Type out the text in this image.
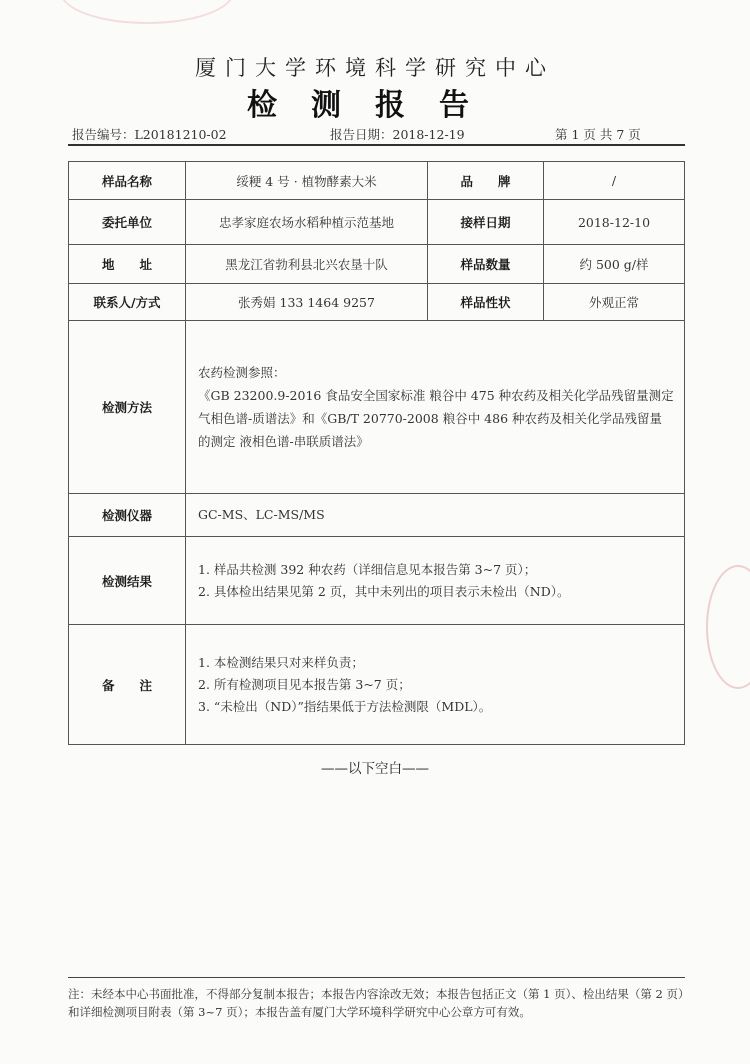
厦门大学环境科学研究中心
检测报告
报告编号：L20181210-02	报告日期：2018-12-19	第 1 页 共 7 页
样品名称	绥粳 4 号 · 植物酵素大米	品　　牌	/
委托单位	忠孝家庭农场水稻种植示范基地	接样日期	2018-12-10
地　　址	黑龙江省勃利县北兴农垦十队	样品数量	约 500 g/样
联系人/方式	张秀娟 133 1464 9257	样品性状	外观正常
检测方法	农药检测参照：
《GB 23200.9-2016 食品安全国家标准 粮谷中 475 种农药及相关化学品残留量测定 气相色谱-质谱法》和《GB/T 20770-2008 粮谷中 486 种农药及相关化学品残留量的测定 液相色谱-串联质谱法》		

检测仪器	GC-MS、LC-MS/MS		
检测结果	1. 样品共检测 392 种农药（详细信息见本报告第 3~7 页）；
2. 具体检出结果见第 2 页，其中未列出的项目表示未检出（ND）。		

备　　注	1. 本检测结果只对来样负责；
2. 所有检测项目见本报告第 3~7 页；
3. “未检出（ND）”指结果低于方法检测限（MDL）。		
——以下空白——
注：未经本中心书面批准，不得部分复制本报告；本报告内容涂改无效；本报告包括正文（第 1 页）、检出结果（第 2 页）和详细检测项目附表（第 3~7 页）；本报告盖有厦门大学环境科学研究中心公章方可有效。
